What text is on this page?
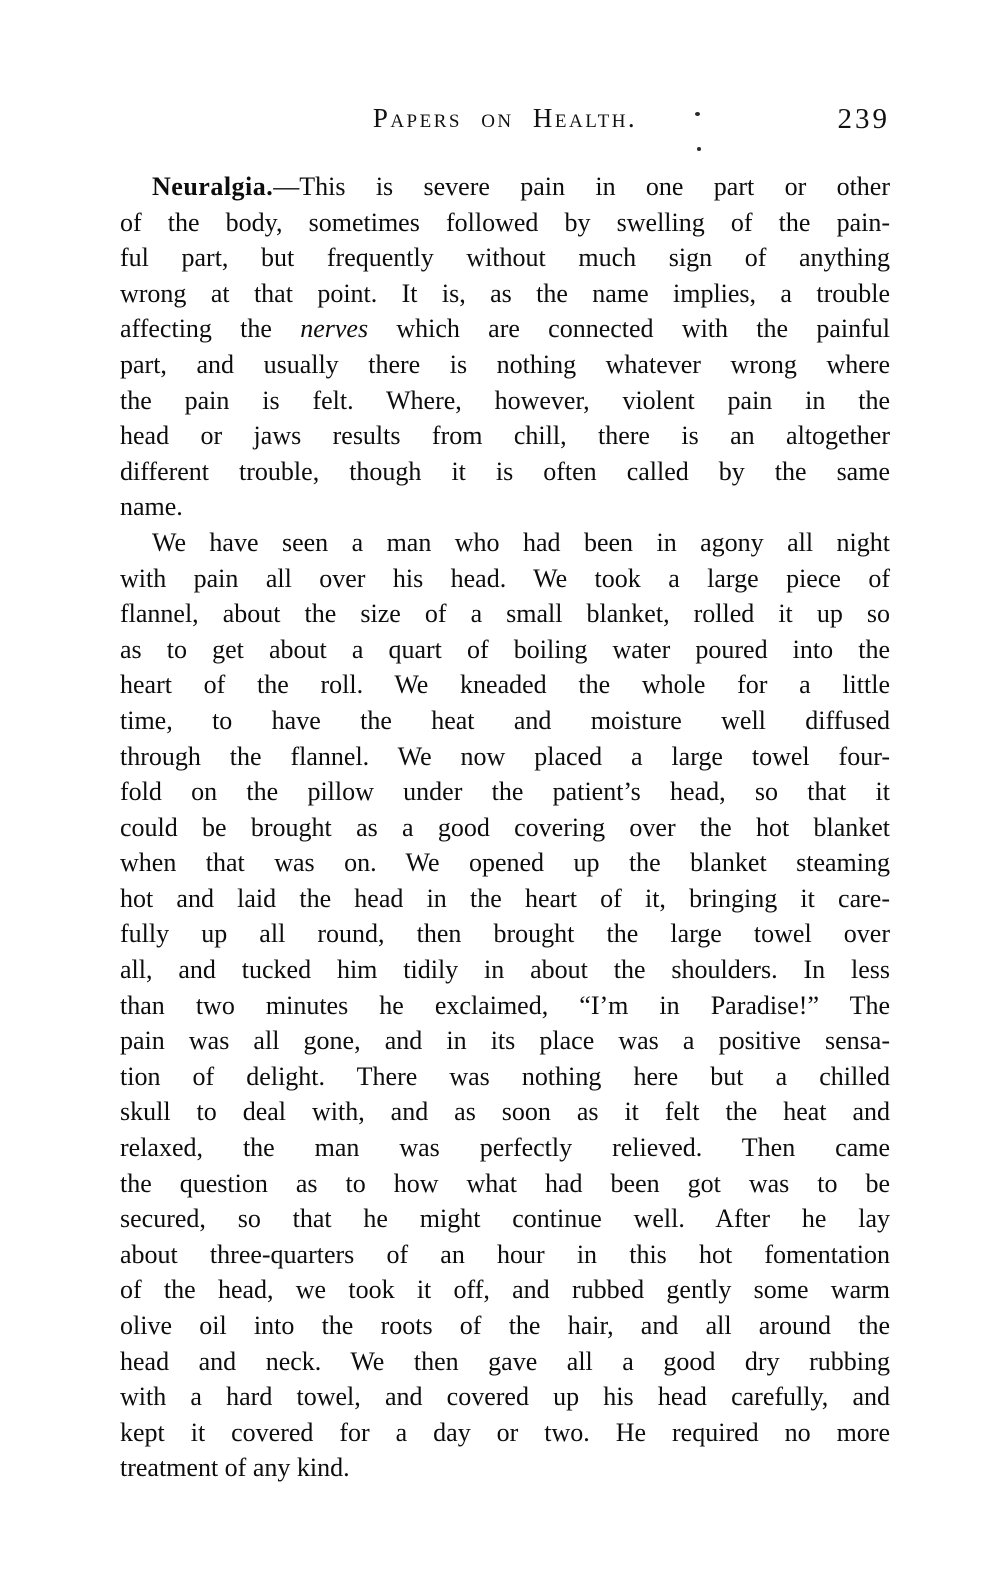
Papers on Health.	239
Neuralgia.—This is severe pain in one part or other
of the body, sometimes followed by swelling of the pain-
ful part, but frequently without much sign of anything
wrong at that point. It is, as the name implies, a trouble
affecting the nerves which are connected with the painful
part, and usually there is nothing whatever wrong where
the pain is felt. Where, however, violent pain in the
head or jaws results from chill, there is an altogether
different trouble, though it is often called by the same
name.
We have seen a man who had been in agony all night
with pain all over his head. We took a large piece of
flannel, about the size of a small blanket, rolled it up so
as to get about a quart of boiling water poured into the
heart of the roll. We kneaded the whole for a little
time, to have the heat and moisture well diffused
through the flannel. We now placed a large towel four-
fold on the pillow under the patient’s head, so that it
could be brought as a good covering over the hot blanket
when that was on. We opened up the blanket steaming
hot and laid the head in the heart of it, bringing it care-
fully up all round, then brought the large towel over
all, and tucked him tidily in about the shoulders. In less
than two minutes he exclaimed, “I’m in Paradise!” The
pain was all gone, and in its place was a positive sensa-
tion of delight. There was nothing here but a chilled
skull to deal with, and as soon as it felt the heat and
relaxed, the man was perfectly relieved. Then came
the question as to how what had been got was to be
secured, so that he might continue well. After he lay
about three-quarters of an hour in this hot fomentation
of the head, we took it off, and rubbed gently some warm
olive oil into the roots of the hair, and all around the
head and neck. We then gave all a good dry rubbing
with a hard towel, and covered up his head carefully, and
kept it covered for a day or two. He required no more
treatment of any kind.
